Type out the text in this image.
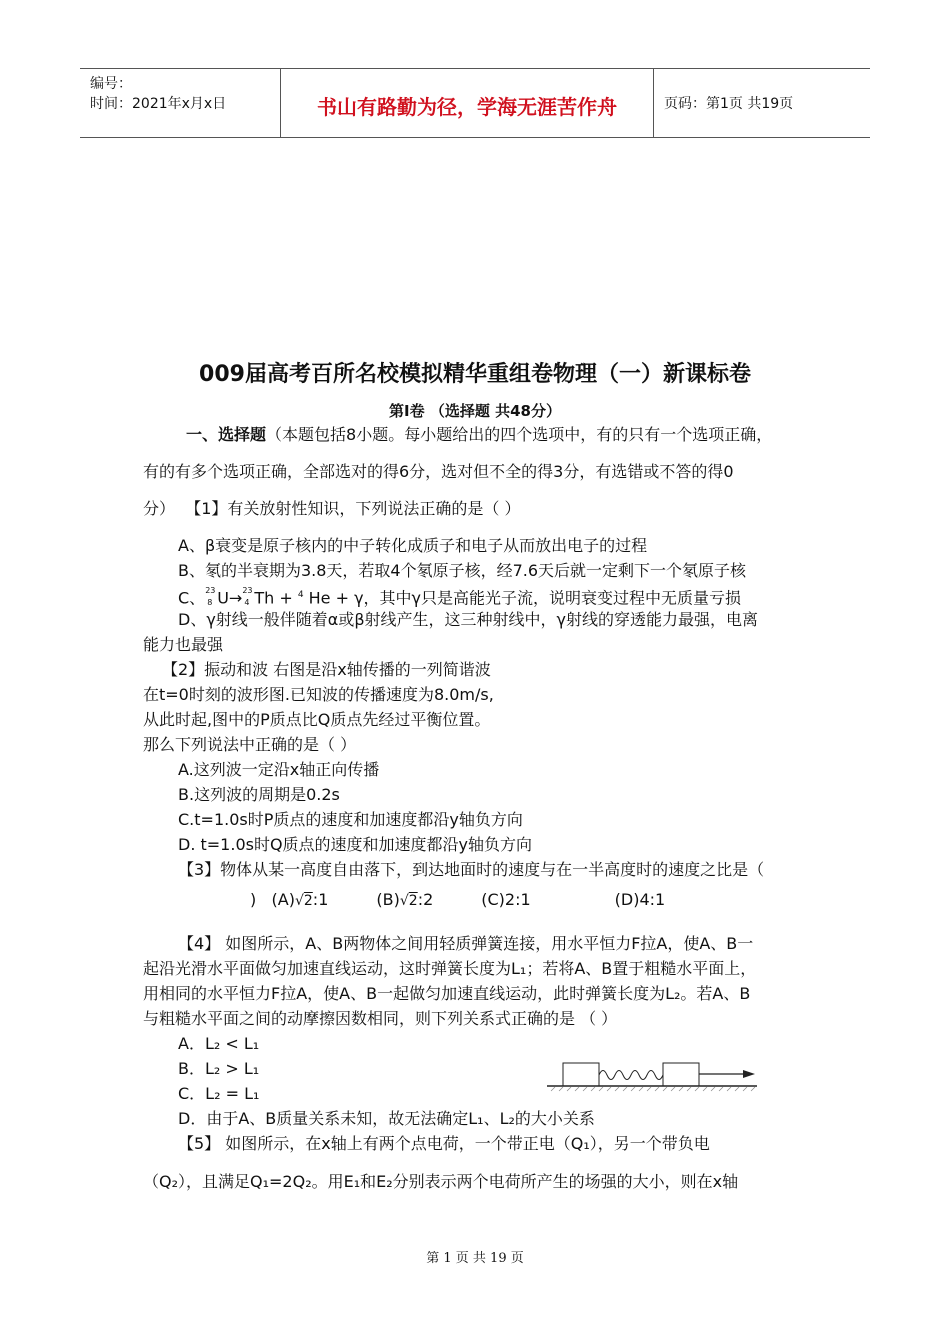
编号：
时间：2021年x月x日	书山有路勤为径，学海无涯苦作舟	页码：第1页 共19页
009届高考百所名校模拟精华重组卷物理（一）新课标卷
第Ⅰ卷 （选择题 共48分）
一、选择题（本题包括8小题。每小题给出的四个选项中，有的只有一个选项正确，
有的有多个选项正确，全部选对的得6分，选对但不全的得3分，有选错或不答的得0
分） 【1】有关放射性知识，下列说法正确的是（ ）
A、β衰变是原子核内的中子转化成质子和电子从而放出电子的过程
B、氡的半衰期为3.8天，若取4个氡原子核，经7.6天后就一定剩下一个氡原子核
C、 23
8 U→ 23
4 Th + $^4$ He + γ，其中γ只是高能光子流，说明衰变过程中无质量亏损
D、γ射线一般伴随着α或β射线产生，这三种射线中，γ射线的穿透能力最强，电离
能力也最强
【2】振动和波 右图是沿x轴传播的一列简谐波
在t=0时刻的波形图.已知波的传播速度为8.0m/s,
从此时起,图中的P质点比Q质点先经过平衡位置。
那么下列说法中正确的是（ ）
A.这列波一定沿x轴正向传播
B.这列波的周期是0.2s
C.t=1.0s时P质点的速度和加速度都沿y轴负方向
D. t=1.0s时Q质点的速度和加速度都沿y轴负方向
【3】物体从某一高度自由落下，到达地面时的速度与在一半高度时的速度之比是（
) (A)√2:1	(B)√2:2	(C)2:1	(D)4:1
【4】 如图所示，A、B两物体之间用轻质弹簧连接，用水平恒力F拉A，使A、B一
起沿光滑水平面做匀加速直线运动，这时弹簧长度为L₁；若将A、B置于粗糙水平面上，
用相同的水平恒力F拉A，使A、B一起做匀加速直线运动，此时弹簧长度为L₂。若A、B
与粗糙水平面之间的动摩擦因数相同，则下列关系式正确的是 （ ）
A．L₂ < L₁
B．L₂ > L₁
C．L₂ = L₁
D．由于A、B质量关系未知，故无法确定L₁、L₂的大小关系
【5】 如图所示，在x轴上有两个点电荷，一个带正电（Q₁），另一个带负电
（Q₂），且满足Q₁=2Q₂。用E₁和E₂分别表示两个电荷所产生的场强的大小，则在x轴
第 1 页 共 19 页
